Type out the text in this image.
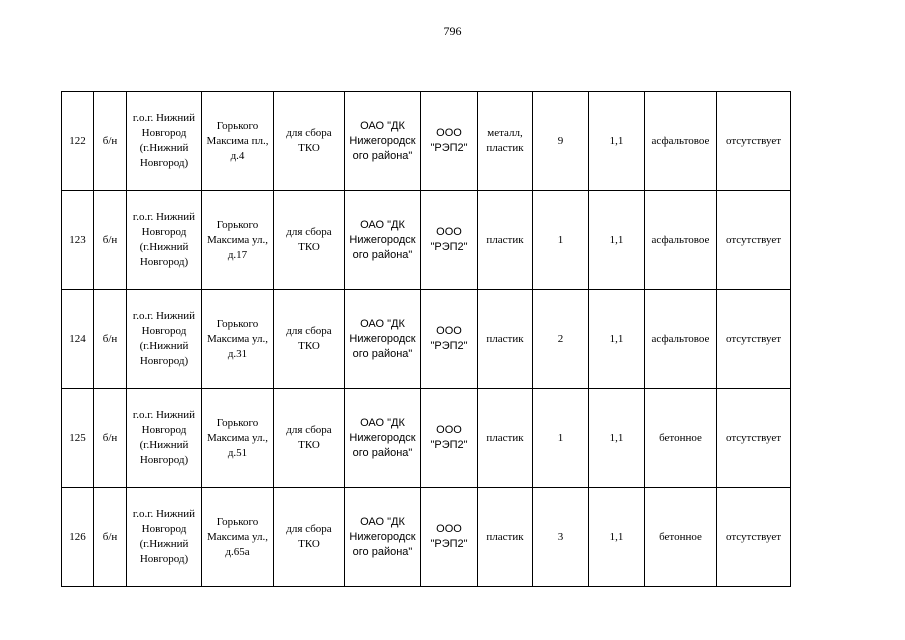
796
122	б/н	г.о.г. Нижний Новгород (г.Нижний Новгород)	Горького Максима пл., д.4	для сбора ТКО	ОАО "ДК Нижегородск ого района"	ООО "РЭП2"	металл, пластик	9	1,1	асфальтовое	отсутствует
123	б/н	г.о.г. Нижний Новгород (г.Нижний Новгород)	Горького Максима ул., д.17	для сбора ТКО	ОАО "ДК Нижегородск ого района"	ООО "РЭП2"	пластик	1	1,1	асфальтовое	отсутствует
124	б/н	г.о.г. Нижний Новгород (г.Нижний Новгород)	Горького Максима ул., д.31	для сбора ТКО	ОАО "ДК Нижегородск ого района"	ООО "РЭП2"	пластик	2	1,1	асфальтовое	отсутствует
125	б/н	г.о.г. Нижний Новгород (г.Нижний Новгород)	Горького Максима ул., д.51	для сбора ТКО	ОАО "ДК Нижегородск ого района"	ООО "РЭП2"	пластик	1	1,1	бетонное	отсутствует
126	б/н	г.о.г. Нижний Новгород (г.Нижний Новгород)	Горького Максима ул., д.65а	для сбора ТКО	ОАО "ДК Нижегородск ого района"	ООО "РЭП2"	пластик	3	1,1	бетонное	отсутствует
